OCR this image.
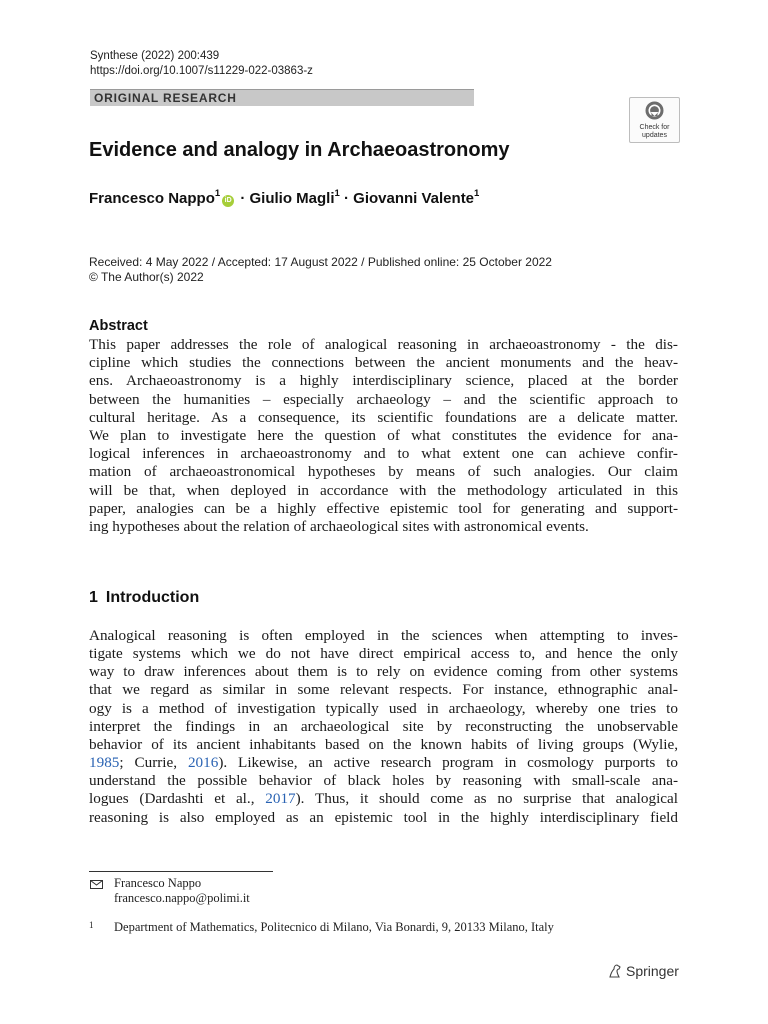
Synthese (2022) 200:439
https://doi.org/10.1007/s11229-022-03863-z
ORIGINAL RESEARCH
Check for
updates
Evidence and analogy in Archaeoastronomy
Francesco Nappo$^1$iD · Giulio Magli$^1$ · Giovanni Valente$^1$
Received: 4 May 2022 / Accepted: 17 August 2022 / Published online: 25 October 2022
© The Author(s) 2022
Abstract
This paper addresses the role of analogical reasoning in archaeoastronomy - the dis-
cipline which studies the connections between the ancient monuments and the heav-
ens. Archaeoastronomy is a highly interdisciplinary science, placed at the border
between the humanities – especially archaeology – and the scientific approach to
cultural heritage. As a consequence, its scientific foundations are a delicate matter.
We plan to investigate here the question of what constitutes the evidence for ana-
logical inferences in archaeoastronomy and to what extent one can achieve confir-
mation of archaeoastronomical hypotheses by means of such analogies. Our claim
will be that, when deployed in accordance with the methodology articulated in this
paper, analogies can be a highly effective epistemic tool for generating and support-
ing hypotheses about the relation of archaeological sites with astronomical events.
1 Introduction
Analogical reasoning is often employed in the sciences when attempting to inves-
tigate systems which we do not have direct empirical access to, and hence the only
way to draw inferences about them is to rely on evidence coming from other systems
that we regard as similar in some relevant respects. For instance, ethnographic anal-
ogy is a method of investigation typically used in archaeology, whereby one tries to
interpret the findings in an archaeological site by reconstructing the unobservable
behavior of its ancient inhabitants based on the known habits of living groups (Wylie,
1985; Currie, 2016). Likewise, an active research program in cosmology purports to
understand the possible behavior of black holes by reasoning with small-scale ana-
logues (Dardashti et al., 2017). Thus, it should come as no surprise that analogical
reasoning is also employed as an epistemic tool in the highly interdisciplinary field
Francesco Nappo
francesco.nappo@polimi.it
1 Department of Mathematics, Politecnico di Milano, Via Bonardi, 9, 20133 Milano, Italy
Springer
